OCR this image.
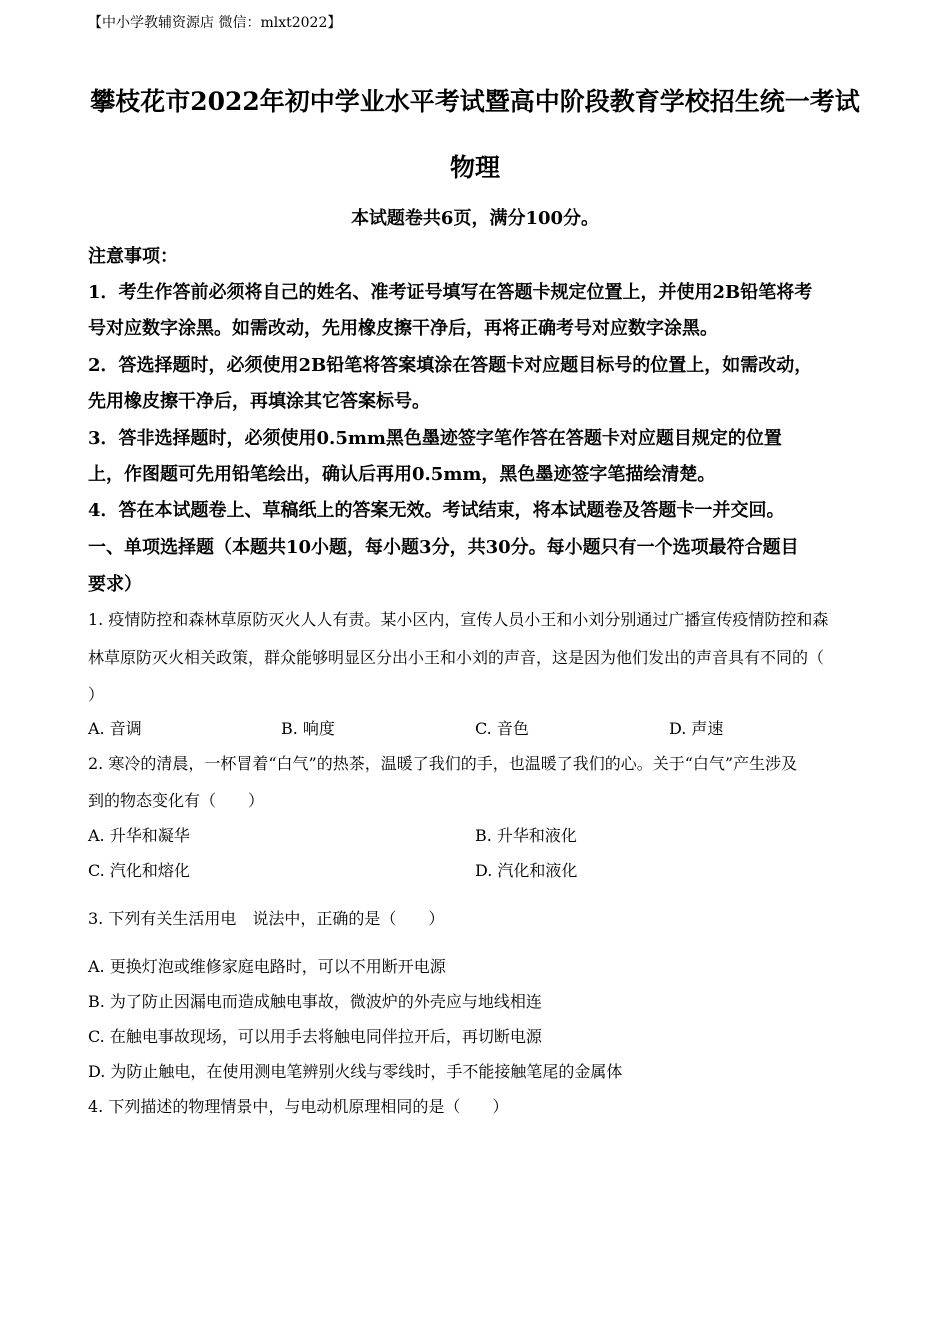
【中小学教辅资源店 微信：mlxt2022】
攀枝花市2022年初中学业水平考试暨高中阶段教育学校招生统一考试
物理
本试题卷共6页，满分100分。
注意事项：
1．考生作答前必须将自己的姓名、准考证号填写在答题卡规定位置上，并使用2B铅笔将考
号对应数字涂黑。如需改动，先用橡皮擦干净后，再将正确考号对应数字涂黑。
2．答选择题时，必须使用2B铅笔将答案填涂在答题卡对应题目标号的位置上，如需改动，
先用橡皮擦干净后，再填涂其它答案标号。
3．答非选择题时，必须使用0.5mm黑色墨迹签字笔作答在答题卡对应题目规定的位置
上，作图题可先用铅笔绘出，确认后再用0.5mm，黑色墨迹签字笔描绘清楚。
4．答在本试题卷上、草稿纸上的答案无效。考试结束，将本试题卷及答题卡一并交回。
一、单项选择题（本题共10小题，每小题3分，共30分。每小题只有一个选项最符合题目
要求）
1. 疫情防控和森林草原防灭火人人有责。某小区内，宣传人员小王和小刘分别通过广播宣传疫情防控和森
林草原防灭火相关政策，群众能够明显区分出小王和小刘的声音，这是因为他们发出的声音具有不同的（
）
A. 音调	B. 响度	C. 音色	D. 声速
2. 寒冷的清晨，一杯冒着“白气”的热茶，温暖了我们的手，也温暖了我们的心。关于“白气”产生涉及
到的物态变化有（　　）
A. 升华和凝华	B. 升华和液化
C. 汽化和熔化	D. 汽化和液化
3. 下列有关生活用电　说法中，正确的是（　　）
A. 更换灯泡或维修家庭电路时，可以不用断开电源
B. 为了防止因漏电而造成触电事故，微波炉的外壳应与地线相连
C. 在触电事故现场，可以用手去将触电同伴拉开后，再切断电源
D. 为防止触电，在使用测电笔辨别火线与零线时，手不能接触笔尾的金属体
4. 下列描述的物理情景中，与电动机原理相同的是（　　）
